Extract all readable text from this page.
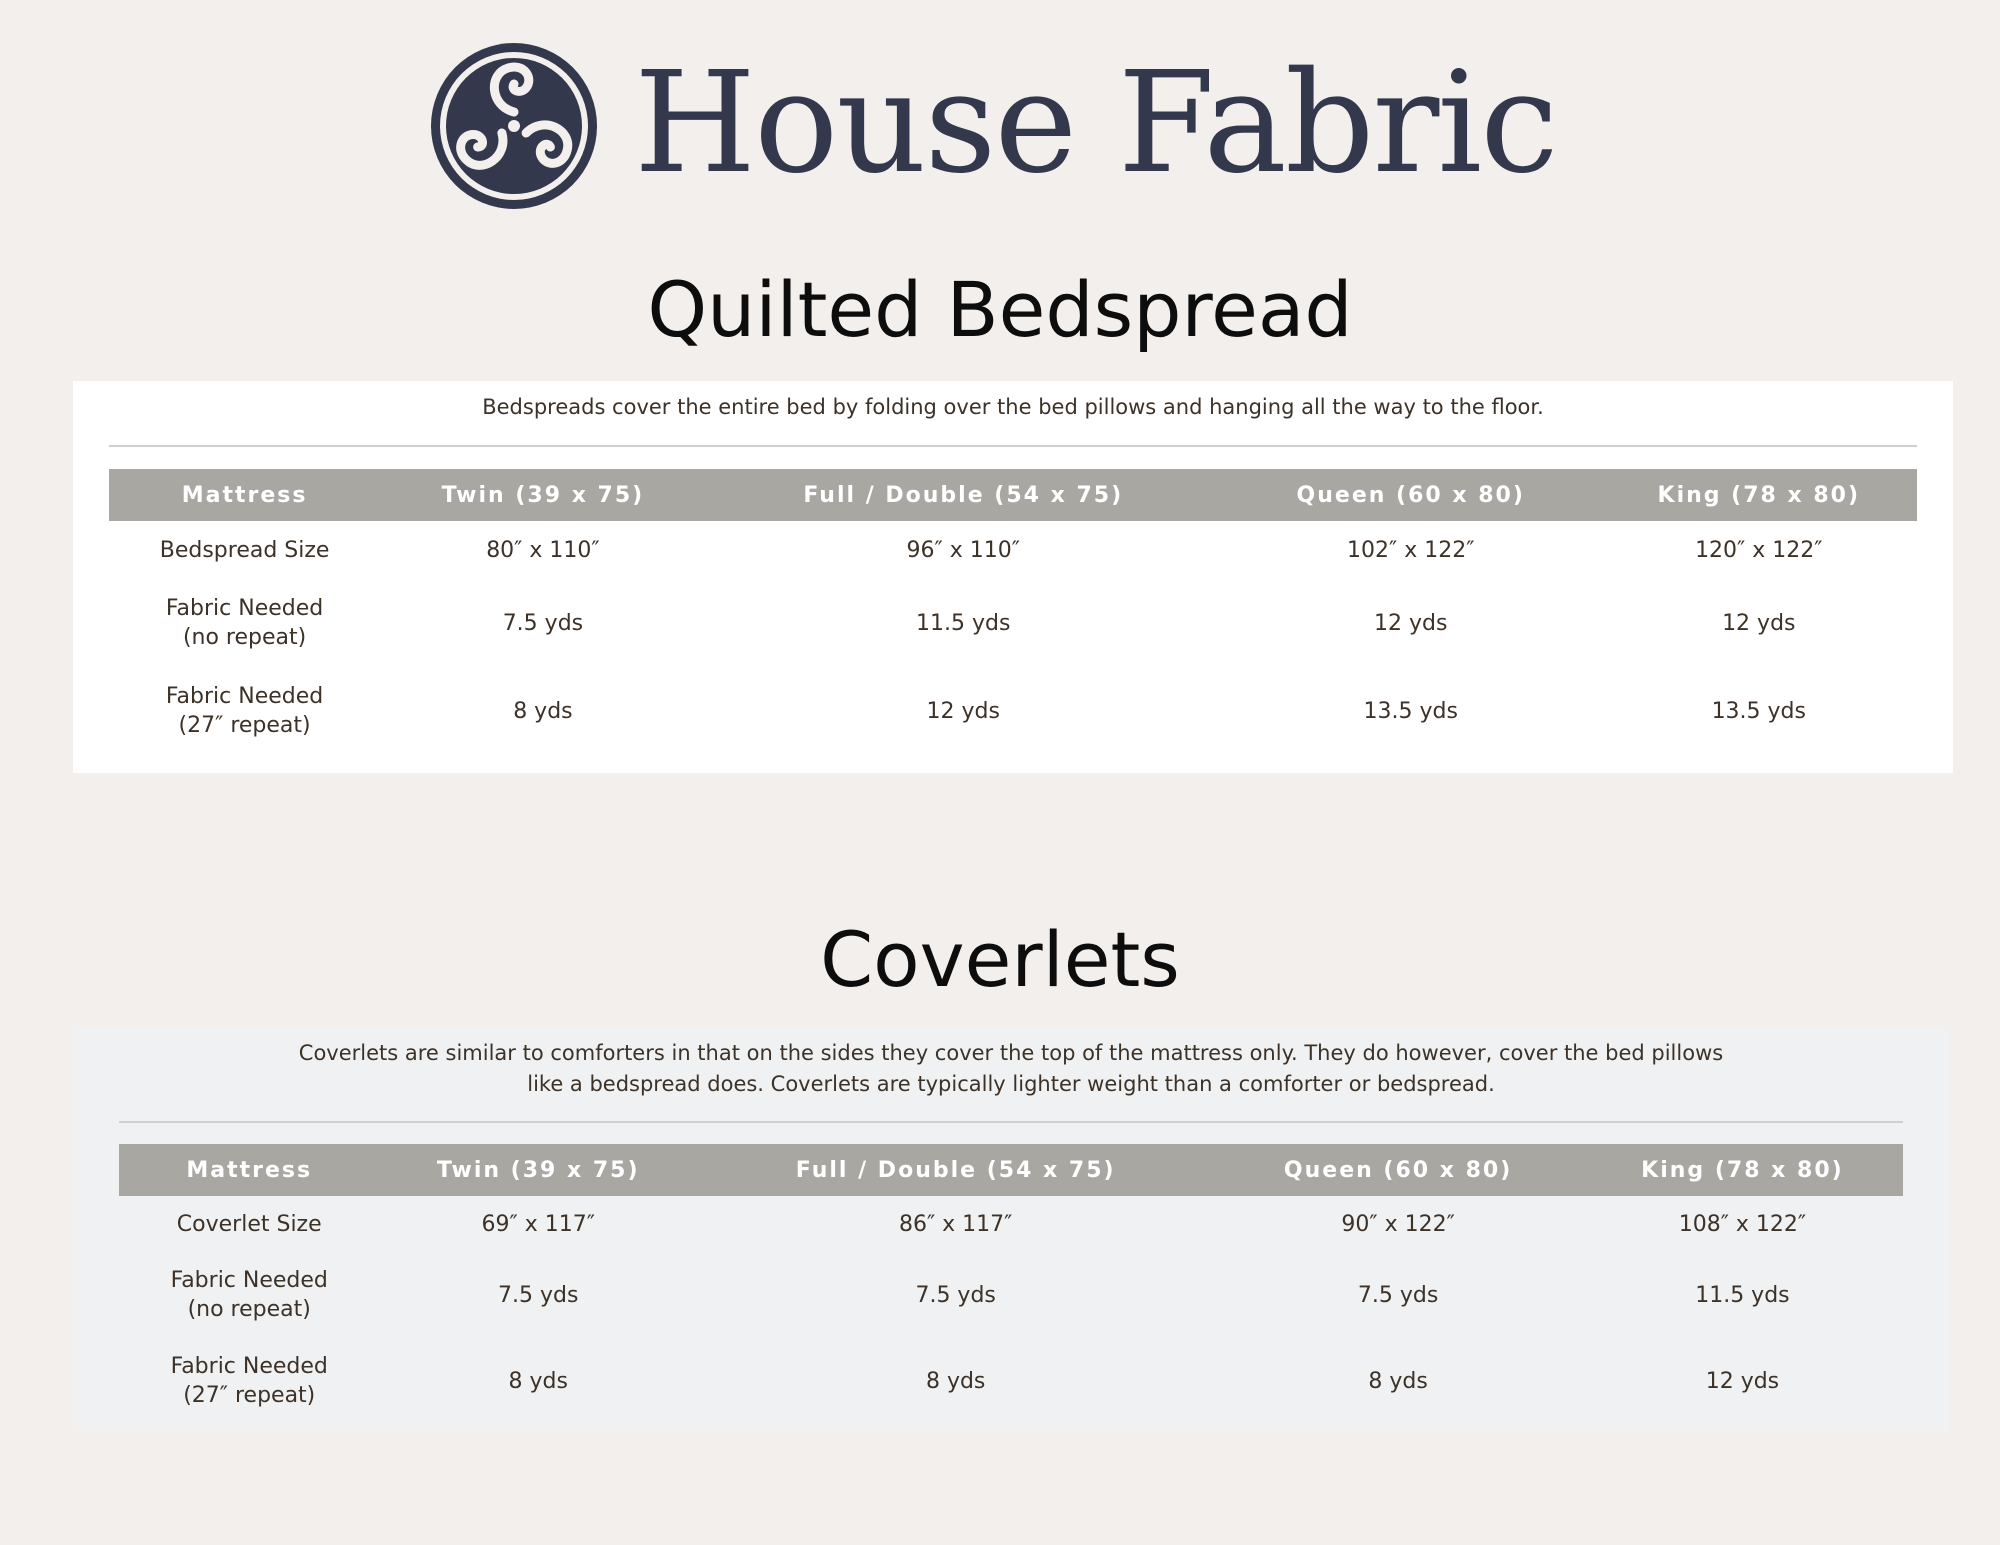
House Fabric
Quilted Bedspread

Bedspreads cover the entire bed by folding over the bed pillows and hanging all the way to the floor.

Mattress	Twin (39 x 75)	Full / Double (54 x 75)	Queen (60 x 80)	King (78 x 80)

Bedspread Size	80″ x 110″	96″ x 110″	102″ x 122″	120″ x 122″

Fabric Needed
(no repeat)	7.5 yds	11.5 yds	12 yds	12 yds

Fabric Needed
(27″ repeat)	8 yds	12 yds	13.5 yds	13.5 yds
Coverlets
Coverlets are similar to comforters in that on the sides they cover the top of the mattress only. They do however, cover the bed pillows
like a bedspread does. Coverlets are typically lighter weight than a comforter or bedspread.
Mattress	Twin (39 x 75)	Full / Double (54 x 75)	Queen (60 x 80)	King (78 x 80)

Coverlet Size	69″ x 117″	86″ x 117″	90″ x 122″	108″ x 122″

Fabric Needed
(no repeat)	7.5 yds	7.5 yds	7.5 yds	11.5 yds

Fabric Needed
(27″ repeat)	8 yds	8 yds	8 yds	12 yds
